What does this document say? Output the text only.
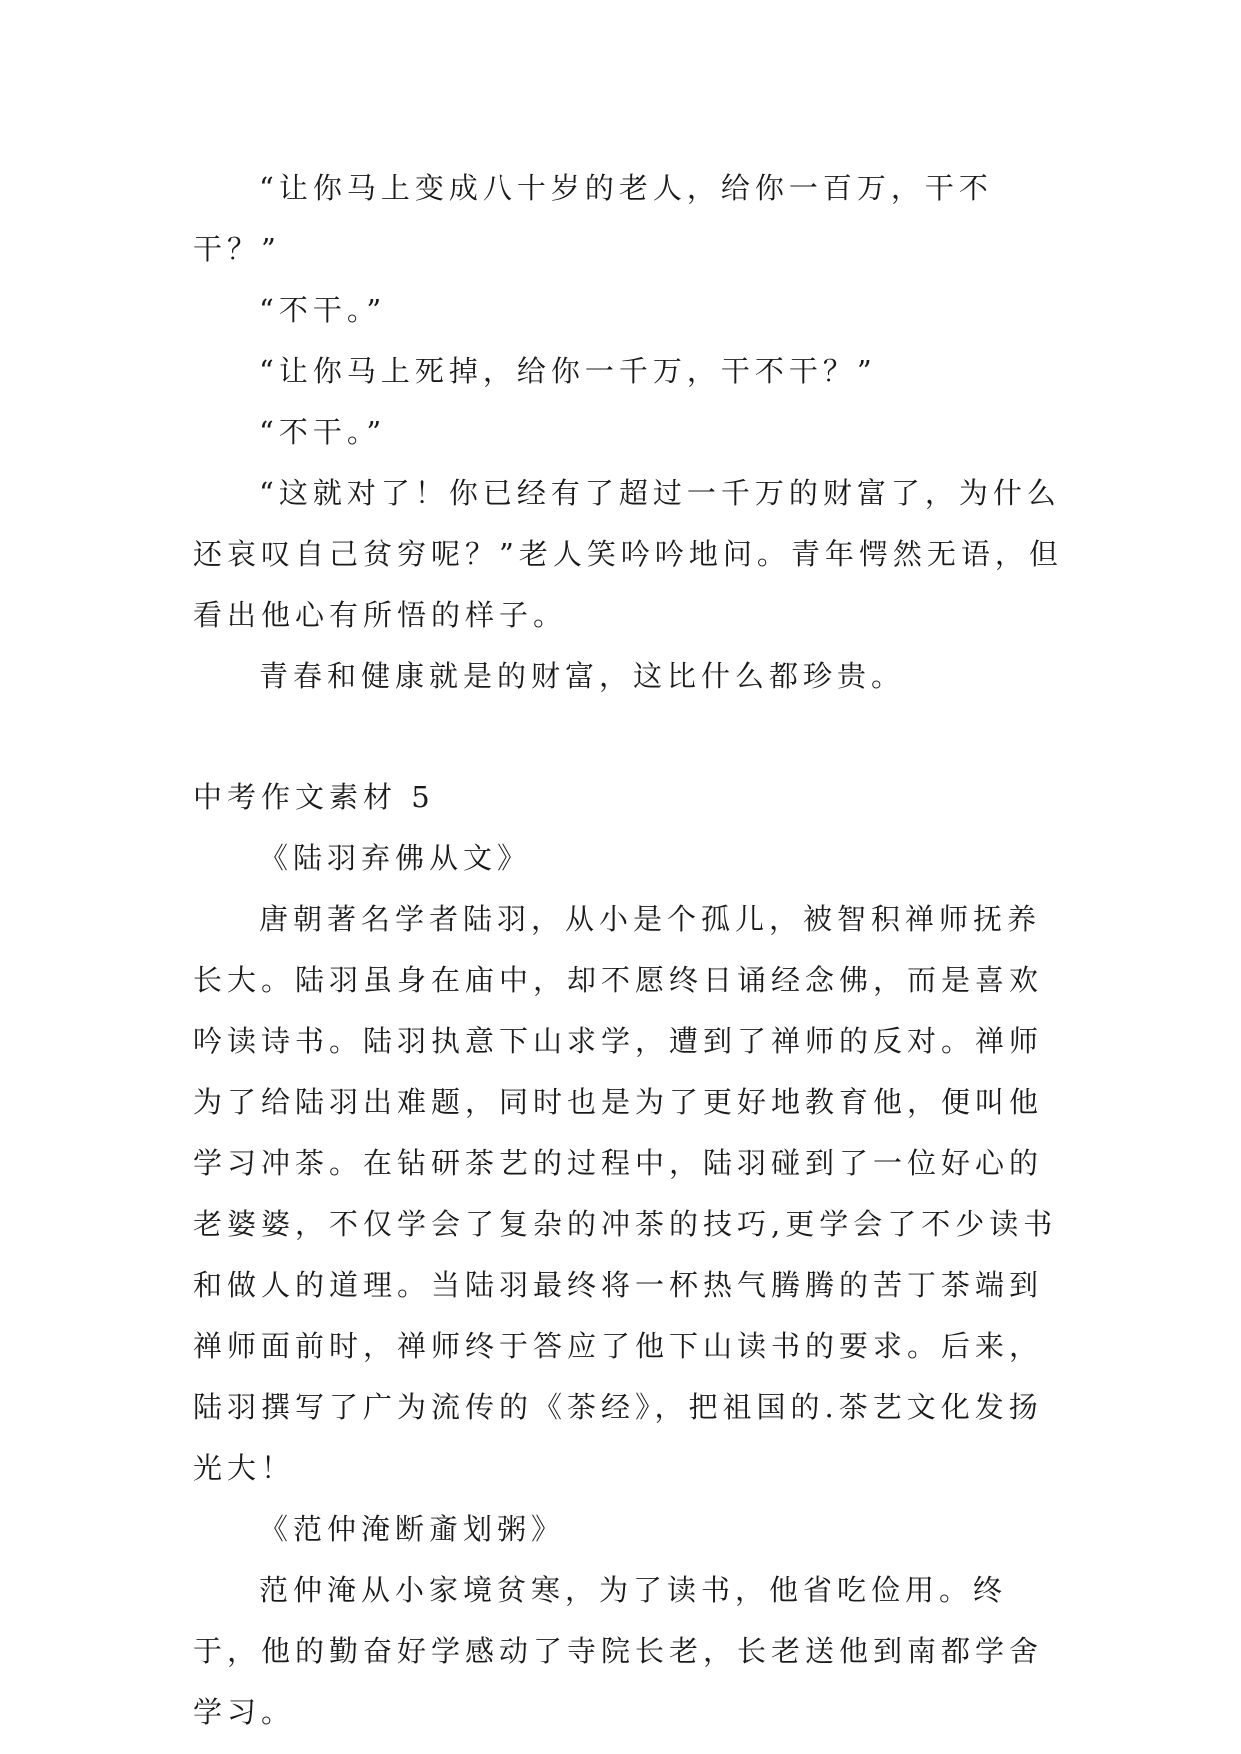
“让你马上变成八十岁的老人，给你一百万，干不干？”

“不干。”

“让你马上死掉，给你一千万，干不干？”

“不干。”

“这就对了！你已经有了超过一千万的财富了，为什么还哀叹自己贫穷呢？”老人笑吟吟地问。青年愕然无语，但看出他心有所悟的样子。

青春和健康就是的财富，这比什么都珍贵。

中考作文素材 5

《陆羽弃佛从文》

唐朝著名学者陆羽，从小是个孤儿，被智积禅师抚养长大。陆羽虽身在庙中，却不愿终日诵经念佛，而是喜欢吟读诗书。陆羽执意下山求学，遭到了禅师的反对。禅师为了给陆羽出难题，同时也是为了更好地教育他，便叫他学习冲茶。在钻研茶艺的过程中，陆羽碰到了一位好心的老婆婆，不仅学会了复杂的冲茶的技巧,更学会了不少读书和做人的道理。当陆羽最终将一杯热气腾腾的苦丁茶端到禅师面前时，禅师终于答应了他下山读书的要求。后来，陆羽撰写了广为流传的《茶经》，把祖国的.茶艺文化发扬光大！

《范仲淹断齑划粥》

范仲淹从小家境贫寒，为了读书，他省吃俭用。终于，他的勤奋好学感动了寺院长老，长老送他到南都学舍学习。
